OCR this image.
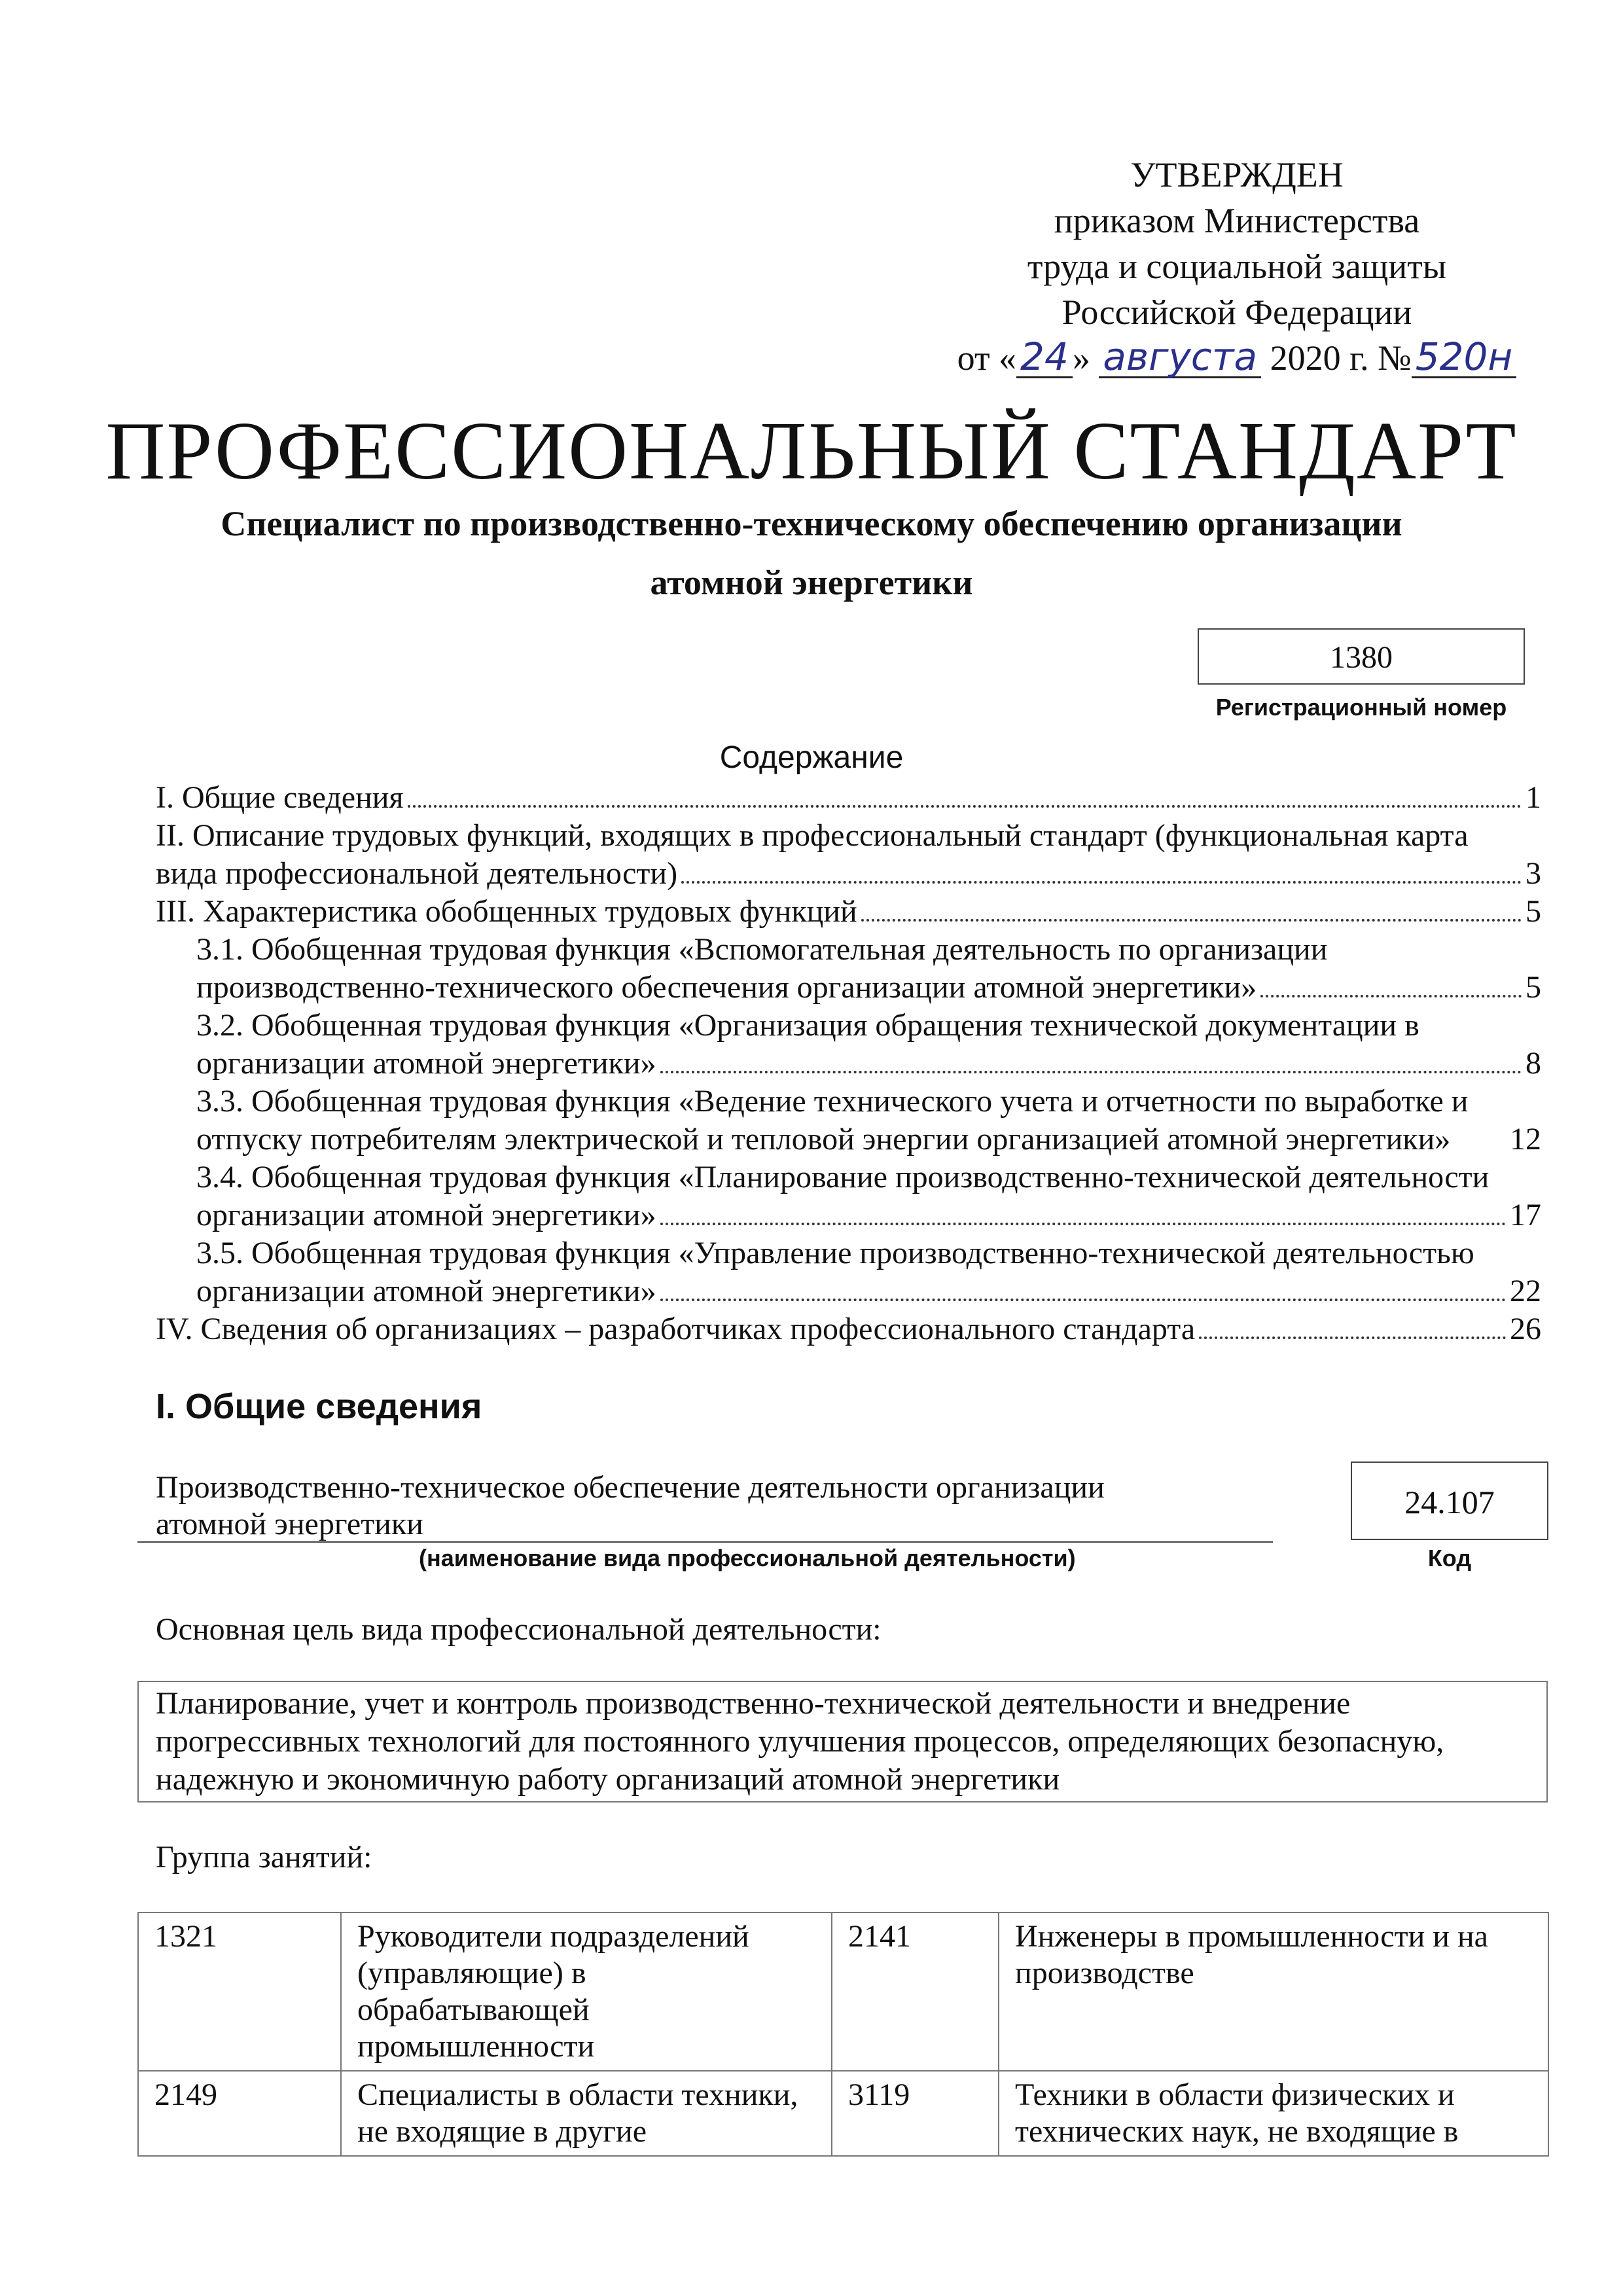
УТВЕРЖДЕН
приказом Министерства
труда и социальной защиты
Российской Федерации
от « 24 » августа 2020 г. № 520н
ПРОФЕССИОНАЛЬНЫЙ СТАНДАРТ
Специалист по производственно-техническому обеспечению организации
атомной энергетики
1380
Регистрационный номер
Содержание
I. Общие сведения	1
II. Описание трудовых функций, входящих в профессиональный стандарт (функциональная карта
вида профессиональной деятельности)	3
III. Характеристика обобщенных трудовых функций	5
3.1. Обобщенная трудовая функция «Вспомогательная деятельность по организации
производственно-технического обеспечения организации атомной энергетики»	5
3.2. Обобщенная трудовая функция «Организация обращения технической документации в
организации атомной энергетики»	8
3.3. Обобщенная трудовая функция «Ведение технического учета и отчетности по выработке и
отпуску потребителям электрической и тепловой энергии организацией атомной энергетики» 12
3.4. Обобщенная трудовая функция «Планирование производственно-технической деятельности
организации атомной энергетики»	17
3.5. Обобщенная трудовая функция «Управление производственно-технической деятельностью
организации атомной энергетики»	22
IV. Сведения об организациях – разработчиках профессионального стандарта	26
I. Общие сведения
Производственно-техническое обеспечение деятельности организации
атомной энергетики
(наименование вида профессиональной деятельности)
24.107
Код
Основная цель вида профессиональной деятельности:
Планирование, учет и контроль производственно-технической деятельности и внедрение
прогрессивных технологий для постоянного улучшения процессов, определяющих безопасную,
надежную и экономичную работу организаций атомной энергетики
Группа занятий:
1321	Руководители подразделений (управляющие) в обрабатывающей промышленности	2141	Инженеры в промышленности и на производстве
2149	Специалисты в области техники, не входящие в другие	3119	Техники в области физических и технических наук, не входящие в
